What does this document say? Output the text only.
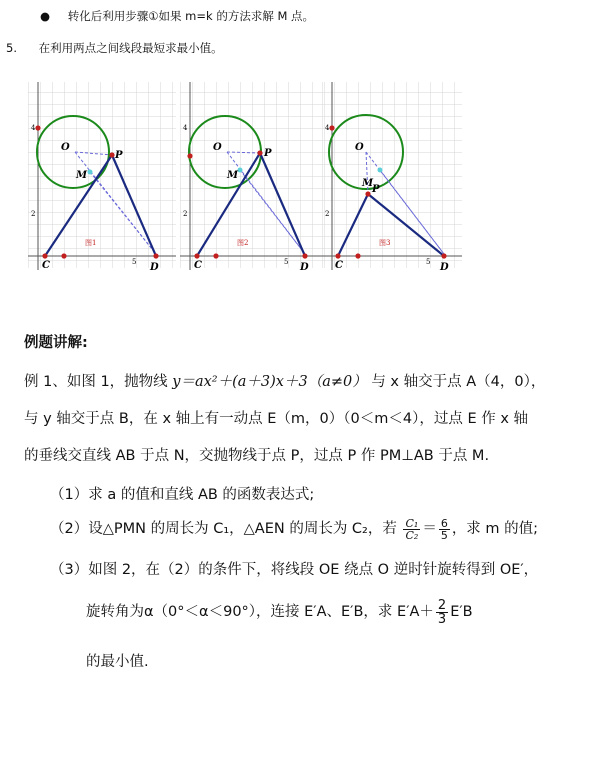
● 转化后利用步骤①如果 m=k 的方法求解 M 点。
5. 在利用两点之间线段最短求最小值。
4
2
5
O
P
M
C	D
图1
4
2
5
O
P
M
C	D
图2
4
2
5
O
P
M
C	D
图3
例题讲解:
例 1、如图 1，抛物线 y＝ax²＋(a＋3)x＋3（a≠0） 与 x 轴交于点 A（4，0），
与 y 轴交于点 B，在 x 轴上有一动点 E（m，0）（0＜m＜4），过点 E 作 x 轴
的垂线交直线 AB 于点 N，交抛物线于点 P，过点 P 作 PM⊥AB 于点 M.
（1）求 a 的值和直线 AB 的函数表达式;
（2）设△PMN 的周长为 C₁，△AEN 的周长为 C₂，若 $\frac{\text{C₁}}{\text{C₂}} = \frac{6}{5}$ ，求 m 的值;
（3）如图 2，在（2）的条件下，将线段 OE 绕点 O 逆时针旋转得到 OE′，
旋转角为α（0°＜α＜90°），连接 E′A、E′B，求 $E'A+ \frac{2}{3} E'B$
的最小值.
